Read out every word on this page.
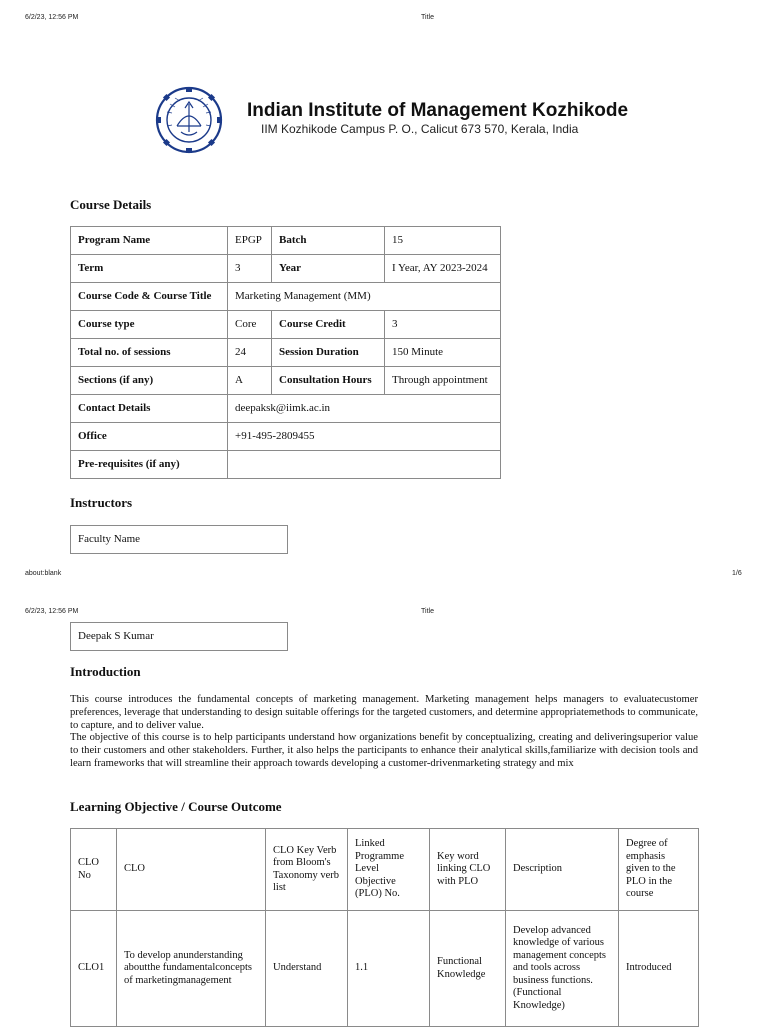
6/2/23, 12:56 PM	Title
Indian Institute of Management Kozhikode
IIM Kozhikode Campus P. O., Calicut 673 570, Kerala, India
Course Details
Program Name	EPGP	Batch	15
Term	3	Year	I Year, AY 2023-2024
Course Code & Course Title	Marketing Management (MM)		
Course type	Core	Course Credit	3
Total no. of sessions	24	Session Duration	150 Minute
Sections (if any)	A	Consultation Hours	Through appointment
Contact Details	deepaksk@iimk.ac.in		
Office	+91-495-2809455		
Pre-requisites (if any)			
Instructors
Faculty Name
about:blank	1/6
6/2/23, 12:56 PM	Title
Deepak S Kumar
Introduction

This course introduces the fundamental concepts of marketing management. Marketing management helps managers to evaluatecustomer preferences, leverage that understanding to design suitable offerings for the targeted customers, and determine appropriatemethods to communicate, to capture, and to deliver value.

The objective of this course is to help participants understand how organizations benefit by conceptualizing, creating and deliveringsuperior value to their customers and other stakeholders. Further, it also helps the participants to enhance their analytical skills,familiarize with decision tools and learn frameworks that will streamline their approach towards developing a customer-drivenmarketing strategy and mix

Learning Objective / Course Outcome
CLO No	CLO	CLO Key Verb from Bloom's Taxonomy verb list	Linked Programme Level Objective (PLO) No.	Key word linking CLO with PLO	Description	Degree of emphasis given to the PLO in the course
CLO1	To develop anunderstanding aboutthe fundamentalconcepts of marketingmanagement	Understand	1.1	Functional Knowledge	Develop advanced knowledge of various management concepts and tools across business functions. (Functional Knowledge)	Introduced
